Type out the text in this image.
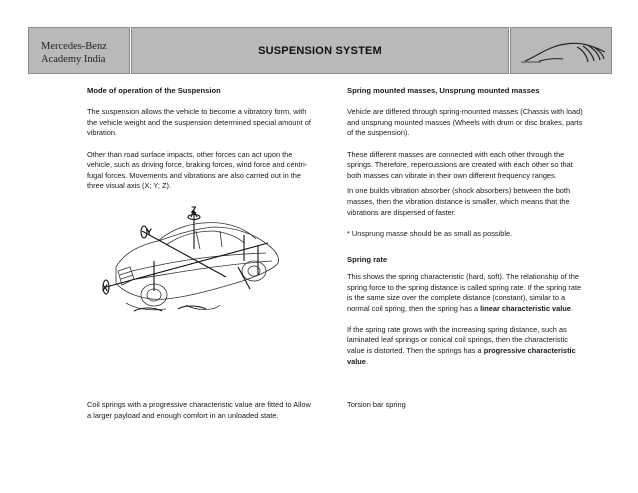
Mercedes-Benz
Academy India
SUSPENSION SYSTEM
Mode of operation of the Suspension

The suspension allows the vehicle to become a vibratory form, with the vehicle weight and the suspension determined special amount of vibration.

Other than road surface impacts, other forces can act upon the vehicle, such as driving force, braking forces, wind force and centri-fugal forces. Movements and vibrations are also carried out in the three visual axis (X; Y; Z).

Z
Y
X
Spring mounted masses, Unsprung mounted masses

Vehicle are differed through spring-mounted masses (Chassis with load) and unsprung mounted masses (Wheels with drum or disc brakes, parts of the suspension).

These different masses are connected with each other through the springs. Therefore, repercussions are created with each other so that both masses can vibrate in their own different frequency ranges.

In one builds vibration absorber (shock absorbers) between the both masses, then the vibration distance is smaller, which means that the vibrations are dispersed of faster.

* Unsprung masse should be as small as possible.

Spring rate

This shows the spring characteristic (hard, soft). The relationship of the spring force to the spring distance is called spring rate. If the spring rate is the same size over the complete distance (constant), similar to a normal coil spring, then the spring has a linear characteristic value.

If the spring rate grows with the increasing spring distance, such as laminated leaf springs or conical coil springs, then the characteristic value is distorted. Then the springs has a progressive characteristic value.

Coil springs with a progressive characteristic value are fitted to Allow a larger payload and enough comfort in an unloaded state.
Torsion bar spring
